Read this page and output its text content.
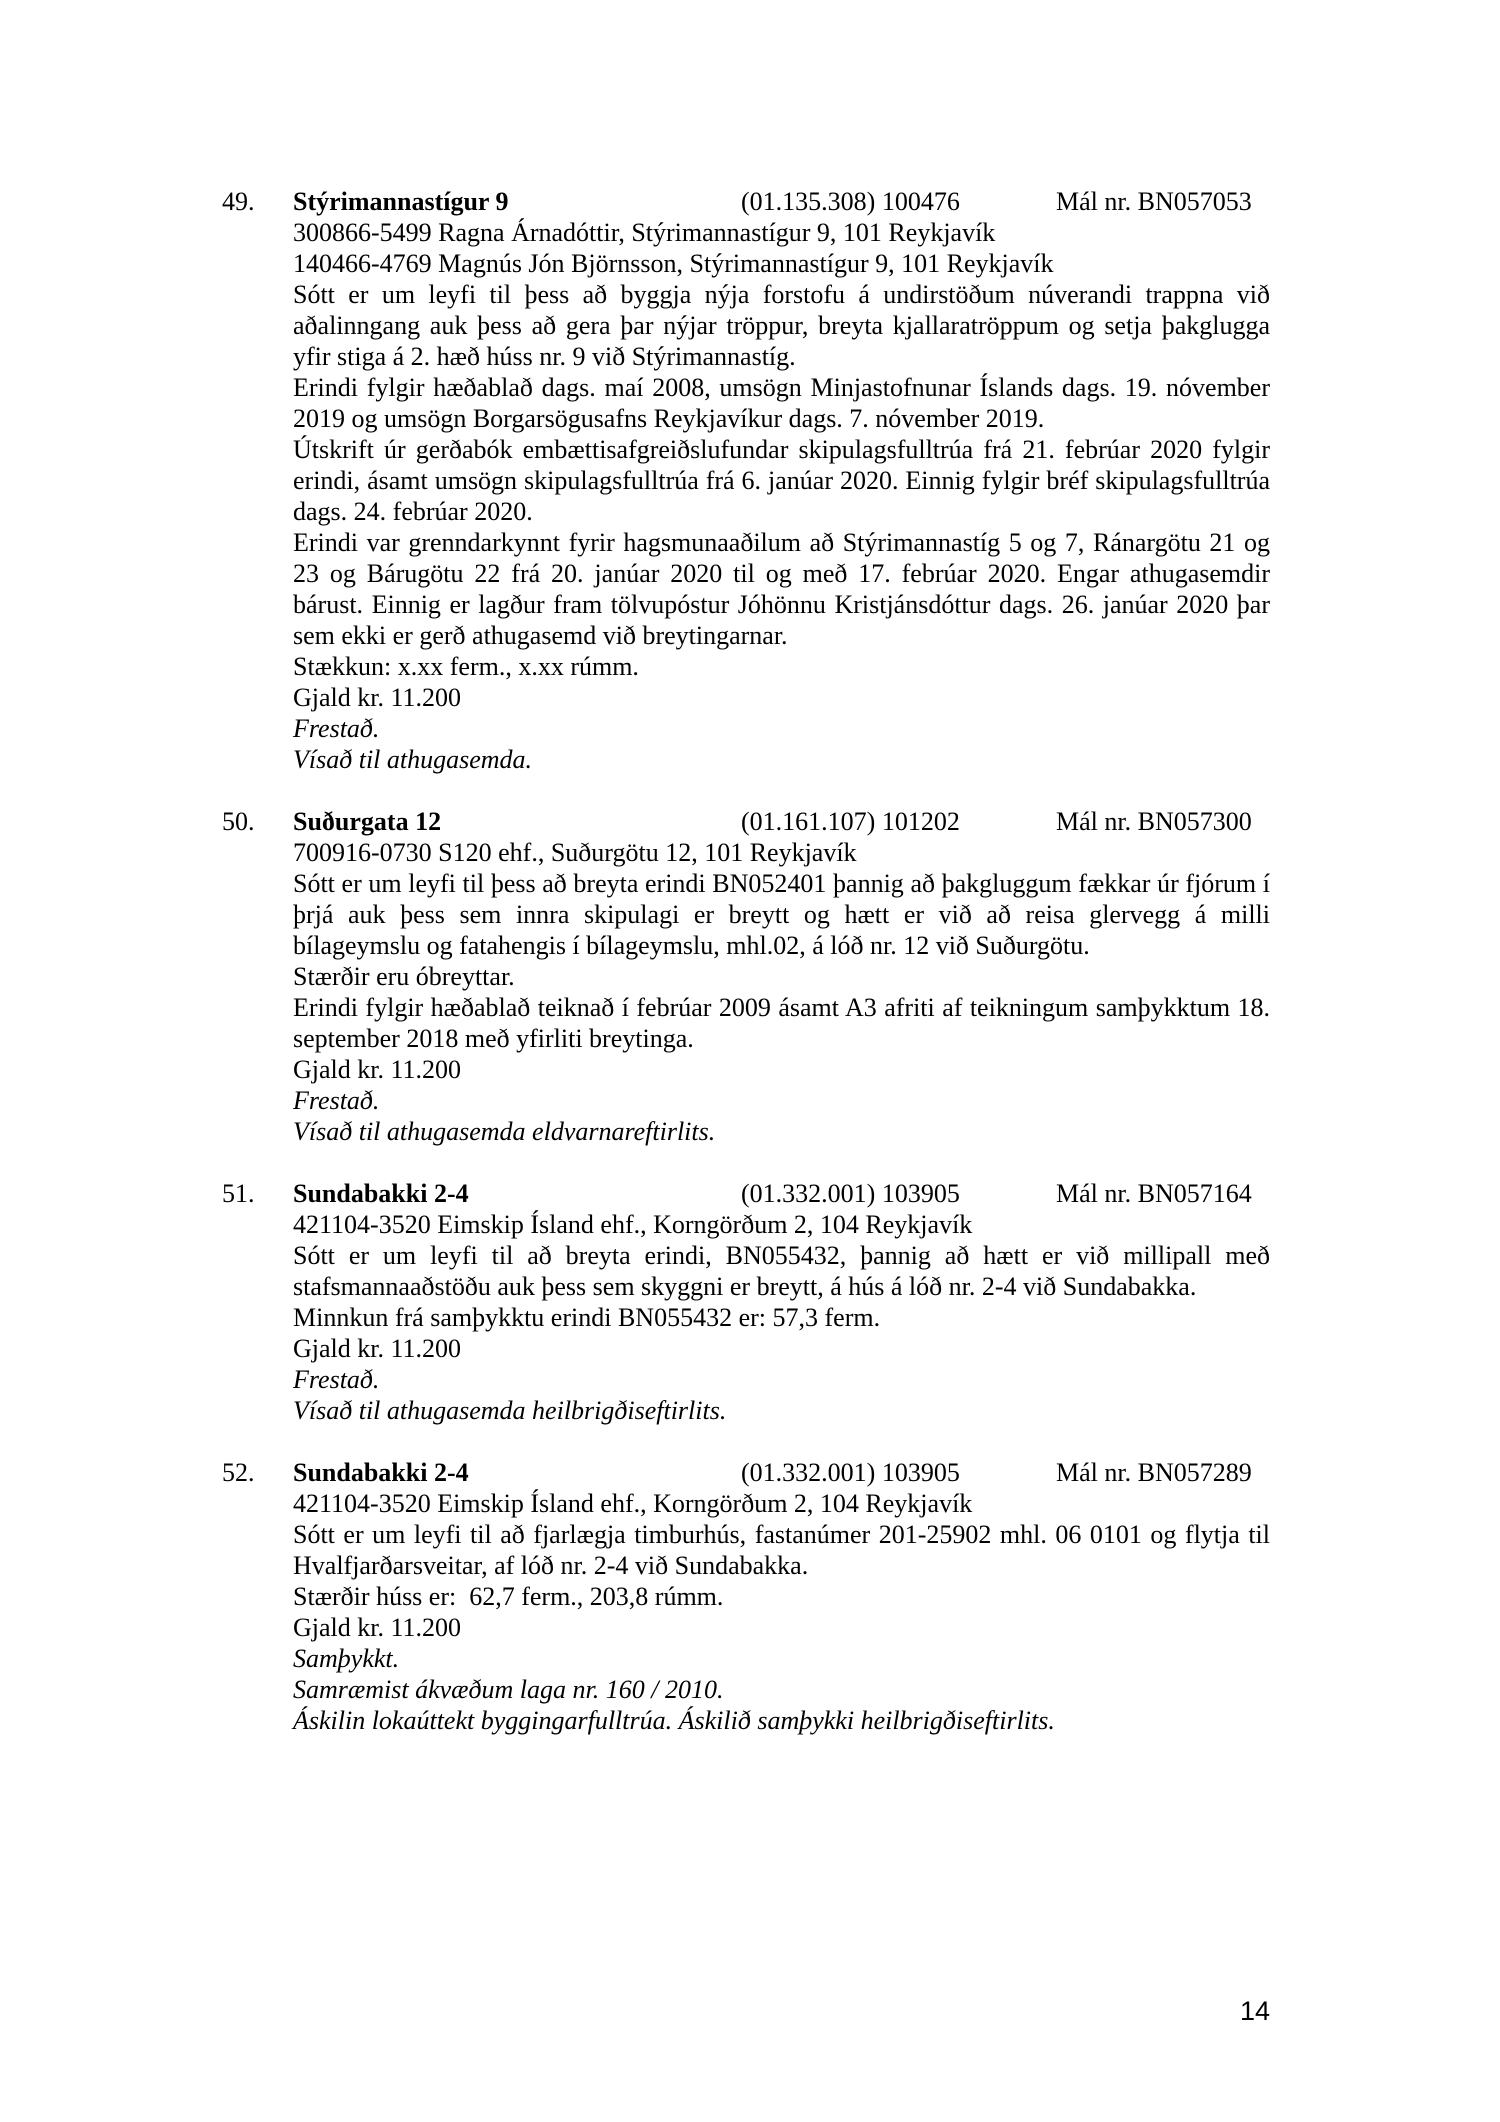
49. Stýrimannastígur 9	(01.135.308) 100476	Mál nr. BN057053

300866-5499 Ragna Árnadóttir, Stýrimannastígur 9, 101 Reykjavík

140466-4769 Magnús Jón Björnsson, Stýrimannastígur 9, 101 Reykjavík

Sótt er um leyfi til þess að byggja nýja forstofu á undirstöðum núverandi trappna við aðalinngang auk þess að gera þar nýjar tröppur, breyta kjallaratröppum og setja þakglugga yfir stiga á 2. hæð húss nr. 9 við Stýrimannastíg.

Erindi fylgir hæðablað dags. maí 2008, umsögn Minjastofnunar Íslands dags. 19. nóvember 2019 og umsögn Borgarsögusafns Reykjavíkur dags. 7. nóvember 2019.

Útskrift úr gerðabók embættisafgreiðslufundar skipulagsfulltrúa frá 21. febrúar 2020 fylgir erindi, ásamt umsögn skipulagsfulltrúa frá 6. janúar 2020. Einnig fylgir bréf skipulagsfulltrúa dags. 24. febrúar 2020.

Erindi var grenndarkynnt fyrir hagsmunaaðilum að Stýrimannastíg 5 og 7, Ránargötu 21 og 23 og Bárugötu 22 frá 20. janúar 2020 til og með 17. febrúar 2020. Engar athugasemdir bárust. Einnig er lagður fram tölvupóstur Jóhönnu Kristjánsdóttur dags. 26. janúar 2020 þar sem ekki er gerð athugasemd við breytingarnar.

Stækkun: x.xx ferm., x.xx rúmm.

Gjald kr. 11.200

Frestað.

Vísað til athugasemda.

50. Suðurgata 12	(01.161.107) 101202	Mál nr. BN057300

700916-0730 S120 ehf., Suðurgötu 12, 101 Reykjavík

Sótt er um leyfi til þess að breyta erindi BN052401 þannig að þakgluggum fækkar úr fjórum í þrjá auk þess sem innra skipulagi er breytt og hætt er við að reisa glervegg á milli bílageymslu og fatahengis í bílageymslu, mhl.02, á lóð nr. 12 við Suðurgötu.

Stærðir eru óbreyttar.

Erindi fylgir hæðablað teiknað í febrúar 2009 ásamt A3 afriti af teikningum samþykktum 18. september 2018 með yfirliti breytinga.

Gjald kr. 11.200

Frestað.

Vísað til athugasemda eldvarnareftirlits.

51. Sundabakki 2-4	(01.332.001) 103905	Mál nr. BN057164

421104-3520 Eimskip Ísland ehf., Korngörðum 2, 104 Reykjavík

Sótt er um leyfi til að breyta erindi, BN055432, þannig að hætt er við millipall með stafsmannaaðstöðu auk þess sem skyggni er breytt, á hús á lóð nr. 2-4 við Sundabakka.

Minnkun frá samþykktu erindi BN055432 er: 57,3 ferm.

Gjald kr. 11.200

Frestað.

Vísað til athugasemda heilbrigðiseftirlits.

52. Sundabakki 2-4	(01.332.001) 103905	Mál nr. BN057289

421104-3520 Eimskip Ísland ehf., Korngörðum 2, 104 Reykjavík

Sótt er um leyfi til að fjarlægja timburhús, fastanúmer 201-25902 mhl. 06 0101 og flytja til Hvalfjarðarsveitar, af lóð nr. 2-4 við Sundabakka.

Stærðir húss er:  62,7 ferm., 203,8 rúmm.

Gjald kr. 11.200

Samþykkt.

Samræmist ákvæðum laga nr. 160 / 2010.

Áskilin lokaúttekt byggingarfulltrúa. Áskilið samþykki heilbrigðiseftirlits.

14
